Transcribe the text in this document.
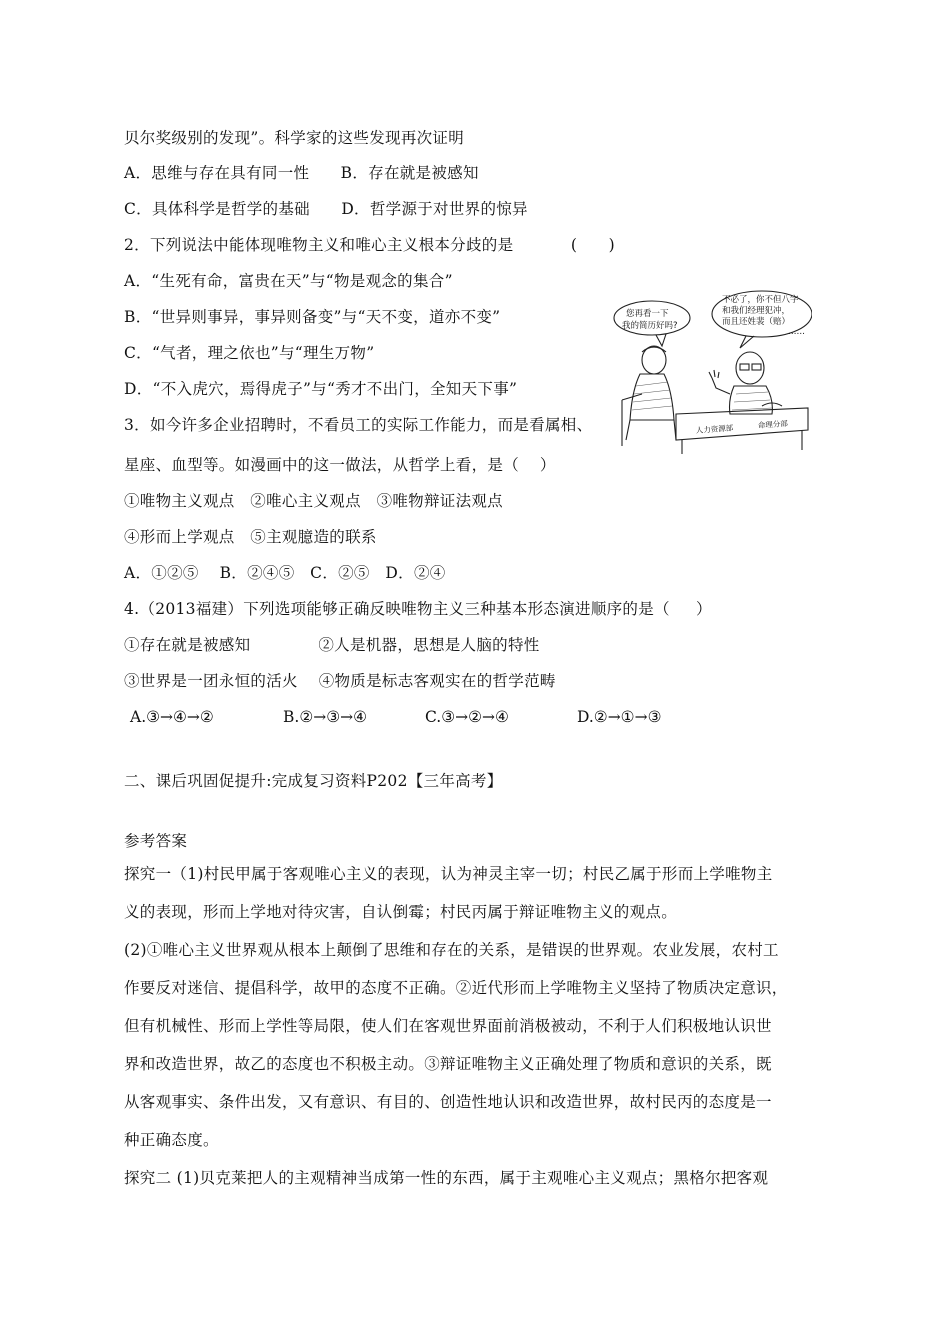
贝尔奖级别的发现”。科学家的这些发现再次证明
A．思维与存在具有同一性      B．存在就是被感知
C．具体科学是哲学的基础      D．哲学源于对世界的惊异
2．下列说法中能体现唯物主义和唯心主义根本分歧的是           (      )
A．“生死有命，富贵在天”与“物是观念的集合”
B．“世异则事异，事异则备变”与“天不变，道亦不变”
C．“气者，理之依也”与“理生万物”
D．“不入虎穴，焉得虎子”与“秀才不出门，全知天下事”
3．如今许多企业招聘时，不看员工的实际工作能力，而是看属相、
星座、血型等。如漫画中的这一做法，从哲学上看，是（    ）
①唯物主义观点   ②唯心主义观点   ③唯物辩证法观点
④形而上学观点   ⑤主观臆造的联系
A．①②⑤    B．②④⑤   C．②⑤   D．②④
4.（2013福建）下列选项能够正确反映唯物主义三种基本形态演进顺序的是（     ）
①存在就是被感知             ②人是机器，思想是人脑的特性
③世界是一团永恒的活火    ④物质是标志客观实在的哲学范畴
A.③→④→②	B.②→③→④	C.③→②→④	D.②→①→③
二、课后巩固促提升:完成复习资料P202【三年高考】
参考答案
探究一（1)村民甲属于客观唯心主义的表现，认为神灵主宰一切；村民乙属于形而上学唯物主
义的表现，形而上学地对待灾害，自认倒霉；村民丙属于辩证唯物主义的观点。
(2)①唯心主义世界观从根本上颠倒了思维和存在的关系，是错误的世界观。农业发展，农村工
作要反对迷信、提倡科学，故甲的态度不正确。②近代形而上学唯物主义坚持了物质决定意识，
但有机械性、形而上学性等局限，使人们在客观世界面前消极被动，不利于人们积极地认识世
界和改造世界，故乙的态度也不积极主动。③辩证唯物主义正确处理了物质和意识的关系，既
从客观事实、条件出发，又有意识、有目的、创造性地认识和改造世界，故村民丙的态度是一
种正确态度。
探究二 (1)贝克莱把人的主观精神当成第一性的东西，属于主观唯心主义观点；黑格尔把客观
您再看一下
我的简历好吗?
不必了，你不但八字
和我们经理犯冲，
而且还姓裴（赔）
……
人力资源部	命理分部
